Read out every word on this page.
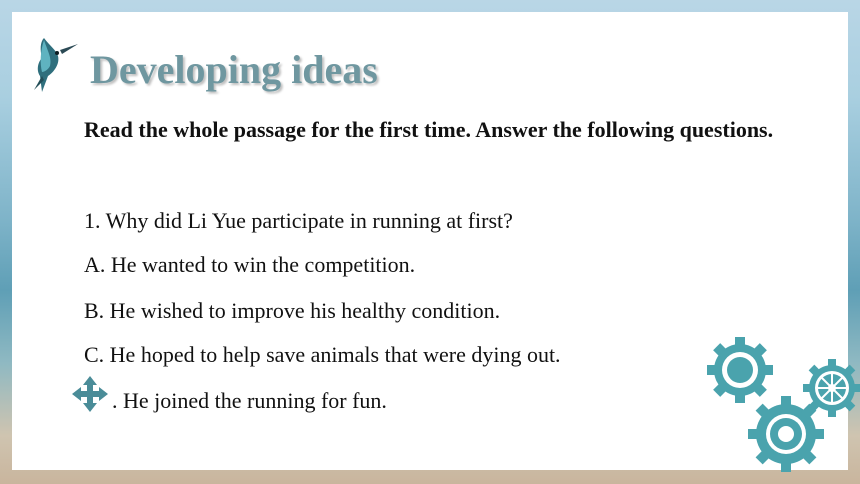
Developing ideas

Read the whole passage for the first time. Answer the following questions.

1. Why did Li Yue participate in running at first?

A. He wanted to win the competition.

B. He wished to improve his healthy condition.

C. He hoped to help save animals that were dying out.

. He joined the running for fun.
